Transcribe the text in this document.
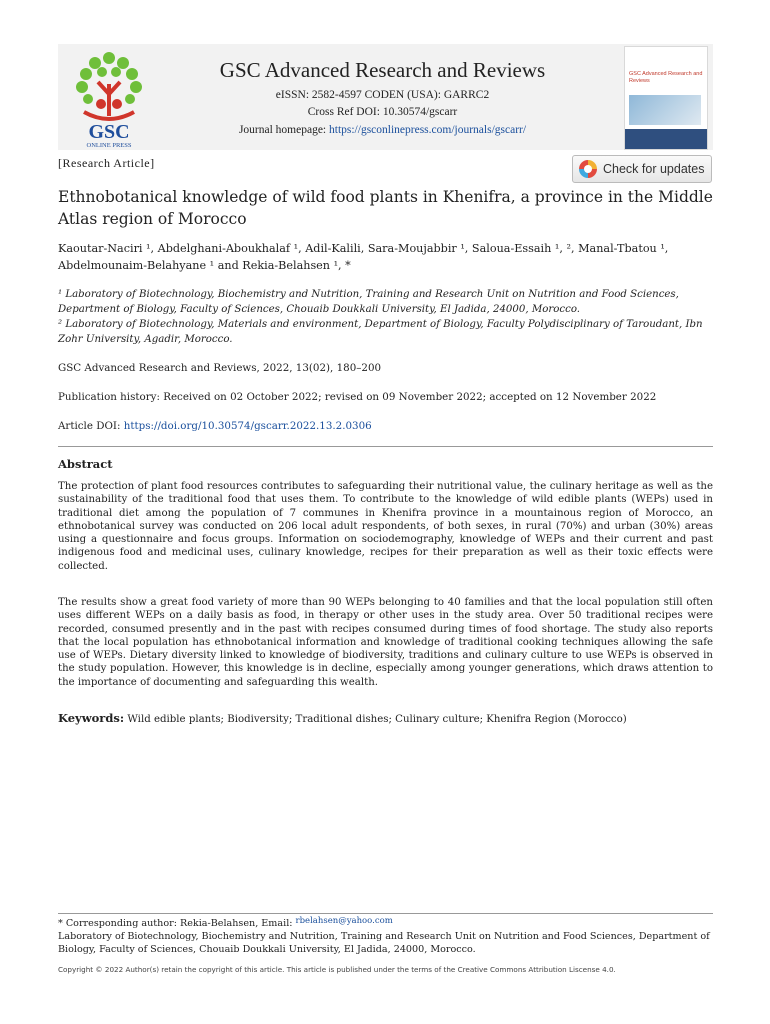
GSC
ONLINE PRESS
GSC Advanced Research and Reviews
eISSN: 2582-4597 CODEN (USA): GARRC2
Cross Ref DOI: 10.30574/gscarr
Journal homepage: https://gsconlinepress.com/journals/gscarr/
GSC Advanced Research and Reviews
[Research Article]	Check for updates
Ethnobotanical knowledge of wild food plants in Khenifra, a province in the Middle Atlas region of Morocco
Kaoutar-Naciri ¹, Abdelghani-Aboukhalaf ¹, Adil-Kalili, Sara-Moujabbir ¹, Saloua-Essaih ¹, ², Manal-Tbatou ¹, Abdelmounaim-Belahyane ¹ and Rekia-Belahsen ¹, *
¹ Laboratory of Biotechnology, Biochemistry and Nutrition, Training and Research Unit on Nutrition and Food Sciences, Department of Biology, Faculty of Sciences, Chouaib Doukkali University, El Jadida, 24000, Morocco.
² Laboratory of Biotechnology, Materials and environment, Department of Biology, Faculty Polydisciplinary of Taroudant, Ibn Zohr University, Agadir, Morocco.
GSC Advanced Research and Reviews, 2022, 13(02), 180–200
Publication history: Received on 02 October 2022; revised on 09 November 2022; accepted on 12 November 2022
Article DOI: https://doi.org/10.30574/gscarr.2022.13.2.0306
Abstract
The protection of plant food resources contributes to safeguarding their nutritional value, the culinary heritage as well as the sustainability of the traditional food that uses them. To contribute to the knowledge of wild edible plants (WEPs) used in traditional diet among the population of 7 communes in Khenifra province in a mountainous region of Morocco, an ethnobotanical survey was conducted on 206 local adult respondents, of both sexes, in rural (70%) and urban (30%) areas using a questionnaire and focus groups. Information on sociodemography, knowledge of WEPs and their current and past indigenous food and medicinal uses, culinary knowledge, recipes for their preparation as well as their toxic effects were collected.
The results show a great food variety of more than 90 WEPs belonging to 40 families and that the local population still often uses different WEPs on a daily basis as food, in therapy or other uses in the study area. Over 50 traditional recipes were recorded, consumed presently and in the past with recipes consumed during times of food shortage. The study also reports that the local population has ethnobotanical information and knowledge of traditional cooking techniques allowing the safe use of WEPs. Dietary diversity linked to knowledge of biodiversity, traditions and culinary culture to use WEPs is observed in the study population. However, this knowledge is in decline, especially among younger generations, which draws attention to the importance of documenting and safeguarding this wealth.
Keywords: Wild edible plants; Biodiversity; Traditional dishes; Culinary culture; Khenifra Region (Morocco)
* Corresponding author: Rekia-Belahsen, Email: rbelahsen@yahoo.com
Laboratory of Biotechnology, Biochemistry and Nutrition, Training and Research Unit on Nutrition and Food Sciences, Department of Biology, Faculty of Sciences, Chouaib Doukkali University, El Jadida, 24000, Morocco.
Copyright © 2022 Author(s) retain the copyright of this article. This article is published under the terms of the Creative Commons Attribution Liscense 4.0.
